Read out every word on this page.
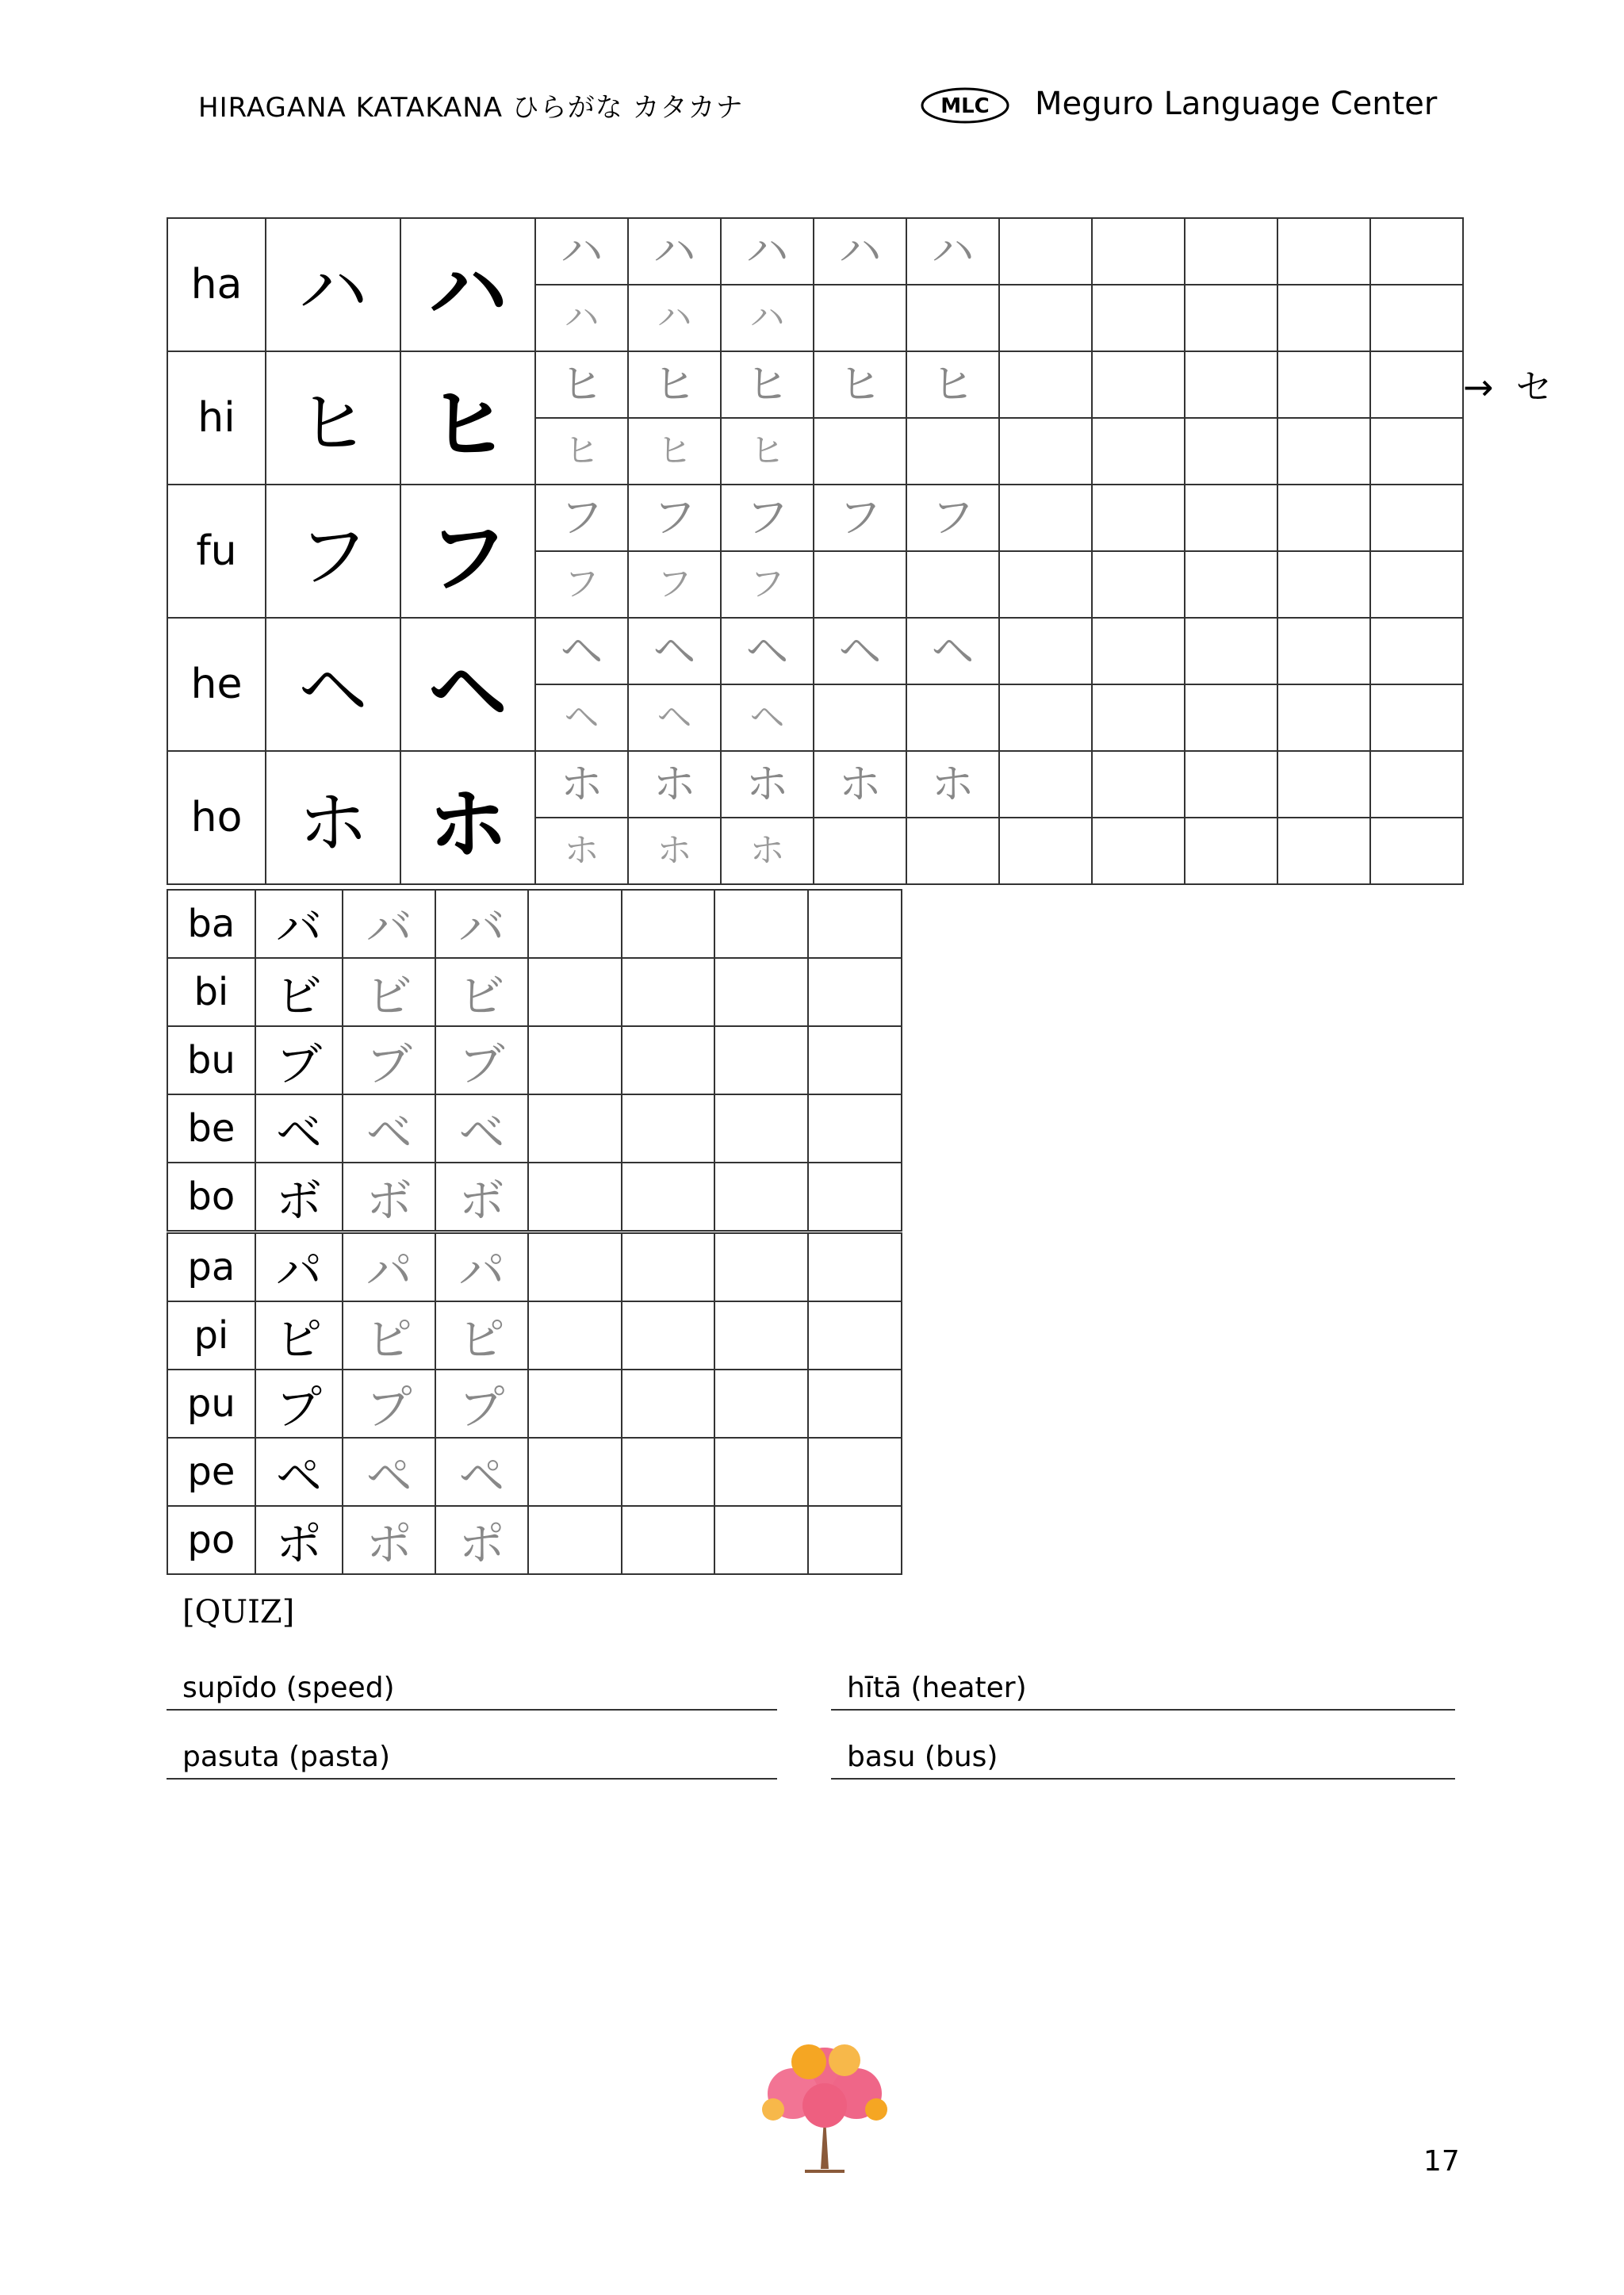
HIRAGANA KATAKANA ひらがな カタカナ	MLC Meguro Language Center
→ セ
ha	ハ	ハ	ハ	ハ	ハ	ハ	ハ					
			ハ	ハ	ハ							
hi	ヒ	ヒ	ヒ	ヒ	ヒ	ヒ	ヒ					
			ヒ	ヒ	ヒ							
fu	フ	フ	フ	フ	フ	フ	フ					
			フ	フ	フ							
he	ヘ	ヘ	ヘ	ヘ	ヘ	ヘ	ヘ					
			ヘ	ヘ	ヘ							
ho	ホ	ホ	ホ	ホ	ホ	ホ	ホ					
			ホ	ホ	ホ							
ba	バ	バ	バ				
bi	ビ	ビ	ビ				
bu	ブ	ブ	ブ				
be	ベ	ベ	ベ				
bo	ボ	ボ	ボ				
pa	パ	パ	パ				
pi	ピ	ピ	ピ				
pu	プ	プ	プ				
pe	ペ	ペ	ペ				
po	ポ	ポ	ポ				
[QUIZ]
supīdo (speed)	hītā (heater)
pasuta (pasta)	basu (bus)
17
